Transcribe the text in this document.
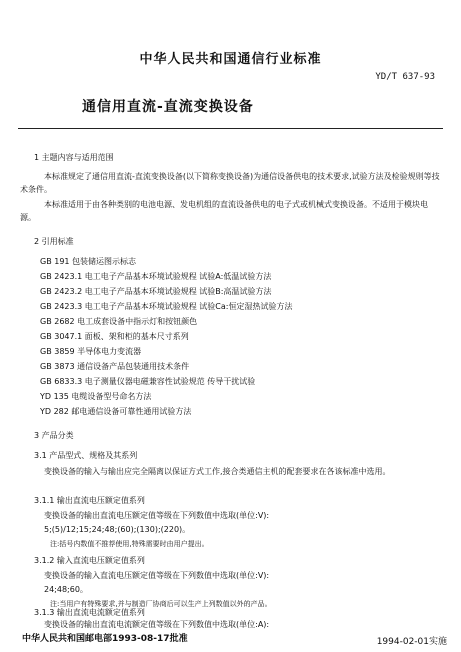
中华人民共和国通信行业标准
YD/T 637-93
通信用直流-直流变换设备
1 主题内容与适用范围
本标准规定了通信用直流-直流变换设备(以下简称变换设备)为通信设备供电的技术要求,试验方法及检验规则等技术条件。
本标准适用于由各种类别的电池电源、发电机组的直流设备供电的电子式或机械式变换设备。不适用于模块电源。
2 引用标准
GB 191 包装储运图示标志
GB 2423.1 电工电子产品基本环境试验规程 试验A:低温试验方法
GB 2423.2 电工电子产品基本环境试验规程 试验B:高温试验方法
GB 2423.3 电工电子产品基本环境试验规程 试验Ca:恒定湿热试验方法
GB 2682 电工成套设备中指示灯和按钮颜色
GB 3047.1 面板、架和柜的基本尺寸系列
GB 3859 半导体电力变流器
GB 3873 通信设备产品包装通用技术条件
GB 6833.3 电子测量仪器电磁兼容性试验规范 传导干扰试验
YD 135 电缆设备型号命名方法
YD 282 邮电通信设备可靠性通用试验方法
3 产品分类
3.1 产品型式、规格及其系列
变换设备的输入与输出应完全隔离以保证方式工作,接合类通信主机的配套要求在各该标准中选用。
3.1.1 输出直流电压额定值系列
变换设备的输出直流电压额定值等级在下列数值中选取(单位:V):
5;(5)/12;15;24;48;(60);(130);(220)。
注:括号内数值不推荐使用,特殊需要时由用户提出。
3.1.2 输入直流电压额定值系列
变换设备的输入直流电压额定值等级在下列数值中选取(单位:V):
24;48;60。
注:当用户有特殊要求,并与制造厂协商后可以生产上列数值以外的产品。
3.1.3 输出直流电流额定值系列
变换设备的输出直流电流额定值等级在下列数值中选取(单位:A):
中华人民共和国邮电部1993-08-17批准	1994-02-01实施
